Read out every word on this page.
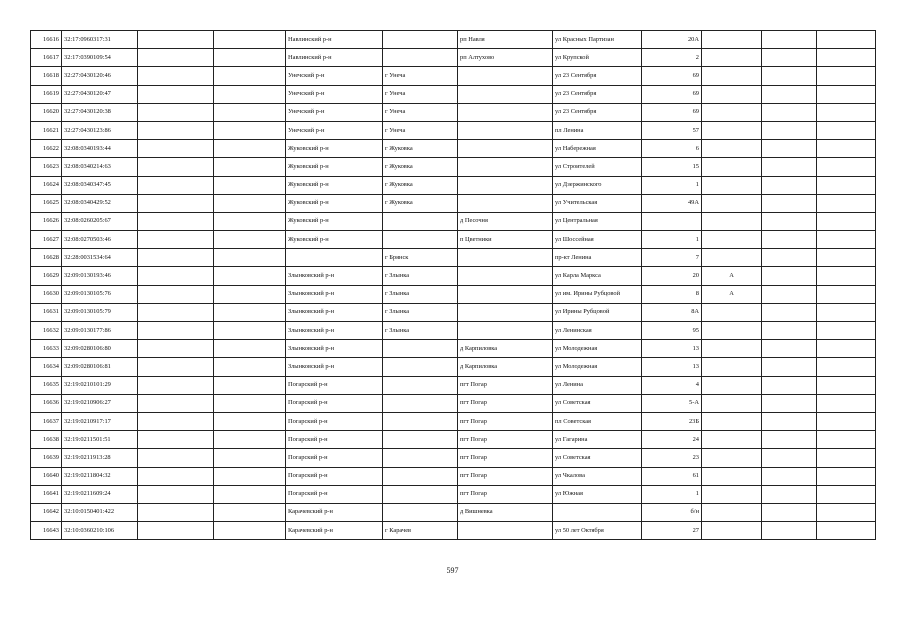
16616	32:17:0960317:31			Навлинский р-н		рп Навля	ул Красных Партизан	20А			
16617	32:17:0390109:54			Навлинский р-н		рп Алтухово	ул Крупской	2			
16618	32:27:0430120:46			Унечский р-н	г Унеча		ул 23 Сентября	69			
16619	32:27:0430120:47			Унечский р-н	г Унеча		ул 23 Сентября	69			
16620	32:27:0430120:38			Унечский р-н	г Унеча		ул 23 Сентября	69			
16621	32:27:0430123:86			Унечский р-н	г Унеча		пл Ленина	57			
16622	32:08:0340193:44			Жуковский р-н	г Жуковка		ул Набережная	6			
16623	32:08:0340214:63			Жуковский р-н	г Жуковка		ул Строителей	15			
16624	32:08:0340347:45			Жуковский р-н	г Жуковка		ул Дзержинского	1			
16625	32:08:0340429:52			Жуковский р-н	г Жуковка		ул Учительская	49А			
16626	32:08:0260205:67			Жуковский р-н		д Песочня	ул Центральная				
16627	32:08:0270503:46			Жуковский р-н		п Цветники	ул Шоссейная	1			
16628	32:28:0031534:64				г Брянск		пр-кт Ленина	7			
16629	32:09:0130193:46			Злынковский р-н	г Злынка		ул Карла Маркса	20	А		
16630	32:09:0130105:76			Злынковский р-н	г Злынка		ул им. Ирины Рубцовой	8	А		
16631	32:09:0130105:79			Злынковский р-н	г Злынка		ул Ирины Рубцовой	8А			
16632	32:09:0130177:86			Злынковский р-н	г Злынка		ул Ленинская	95			
16633	32:09:0280106:80			Злынковский р-н		д Карпиловка	ул Молодежная	13			
16634	32:09:0280106:81			Злынковский р-н		д Карпиловка	ул Молодежная	13			
16635	32:19:0210101:29			Погарский р-н		пгт Погар	ул Ленина	4			
16636	32:19:0210906:27			Погарский р-н		пгт Погар	ул Советская	5-А			
16637	32:19:0210917:17			Погарский р-н		пгт Погар	пл Советская	23Б			
16638	32:19:0211501:51			Погарский р-н		пгт Погар	ул Гагарина	24			
16639	32:19:0211913:28			Погарский р-н		пгт Погар	ул Советская	23			
16640	32:19:0211804:32			Погарский р-н		пгт Погар	ул Чкалова	61			
16641	32:19:0211609:24			Погарский р-н		пгт Погар	ул Южная	1			
16642	32:10:0150401:422			Карачевский р-н		д Вишневка		б/н			
16643	32:10:0360210:106			Карачевский р-н	г Карачев		ул 50 лет Октября	27			
597
